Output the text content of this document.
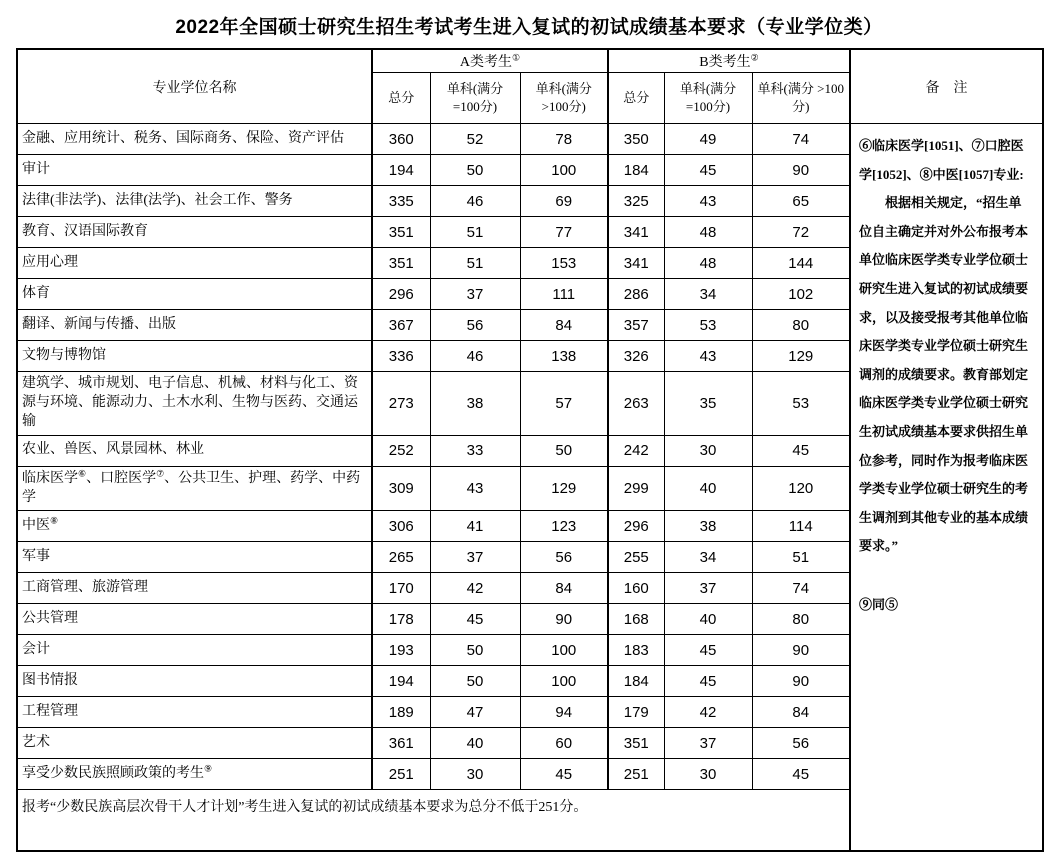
2022年全国硕士研究生招生考试考生进入复试的初试成绩基本要求（专业学位类）
专业学位名称	A类考生①			B类考生②			备　注
	总分	单科(满分 =100分)	单科(满分 >100分)	总分	单科(满分 =100分)	单科(满分 >100分)	
金融、应用统计、税务、国际商务、保险、资产评估	360	52	78	350	49	74	⑥临床医学[1051]、⑦口腔医学[1052]、⑧中医[1057]专业:
根据相关规定，“招生单位自主确定并对外公布报考本单位临床医学类专业学位硕士研究生进入复试的初试成绩要求，以及接受报考其他单位临床医学类专业学位硕士研究生调剂的成绩要求。教育部划定临床医学类专业学位硕士研究生初试成绩基本要求供招生单位参考，同时作为报考临床医学类专业学位硕士研究生的考生调剂到其他专业的基本成绩要求。”
⑨同⑤

审计	194	50	100	184	45	90	
法律(非法学)、法律(法学)、社会工作、警务	335	46	69	325	43	65	
教育、汉语国际教育	351	51	77	341	48	72	
应用心理	351	51	153	341	48	144	
体育	296	37	111	286	34	102	
翻译、新闻与传播、出版	367	56	84	357	53	80	
文物与博物馆	336	46	138	326	43	129	
建筑学、城市规划、电子信息、机械、材料与化工、资源与环境、能源动力、土木水利、生物与医药、交通运输	273	38	57	263	35	53	
农业、兽医、风景园林、林业	252	33	50	242	30	45	
临床医学⑥、口腔医学⑦、公共卫生、护理、药学、中药学	309	43	129	299	40	120	
中医⑧	306	41	123	296	38	114	
军事	265	37	56	255	34	51	
工商管理、旅游管理	170	42	84	160	37	74	
公共管理	178	45	90	168	40	80	
会计	193	50	100	183	45	90	
图书情报	194	50	100	184	45	90	
工程管理	189	47	94	179	42	84	
艺术	361	40	60	351	37	56	
享受少数民族照顾政策的考生⑨	251	30	45	251	30	45	
报考“少数民族高层次骨干人才计划”考生进入复试的初试成绩基本要求为总分不低于251分。							
